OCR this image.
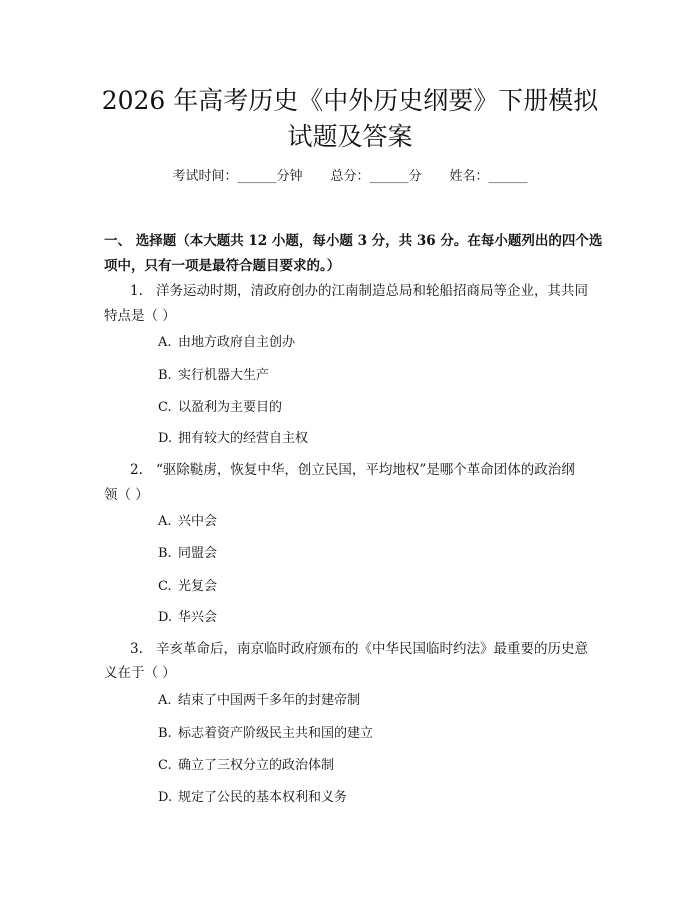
2026 年高考历史《中外历史纲要》下册模拟
试题及答案
考试时间：______分钟 总分：______分 姓名：______
一、 选择题（本大题共 12 小题，每小题 3 分，共 36 分。在每小题列出的四个选
项中，只有一项是最符合题目要求的。）
1. 洋务运动时期，清政府创办的江南制造总局和轮船招商局等企业，其共同
特点是（ ）
A. 由地方政府自主创办
B. 实行机器大生产
C. 以盈利为主要目的
D. 拥有较大的经营自主权
2. “驱除鞑虏，恢复中华，创立民国，平均地权”是哪个革命团体的政治纲
领（ ）
A. 兴中会
B. 同盟会
C. 光复会
D. 华兴会
3. 辛亥革命后，南京临时政府颁布的《中华民国临时约法》最重要的历史意
义在于（ ）
A. 结束了中国两千多年的封建帝制
B. 标志着资产阶级民主共和国的建立
C. 确立了三权分立的政治体制
D. 规定了公民的基本权利和义务
